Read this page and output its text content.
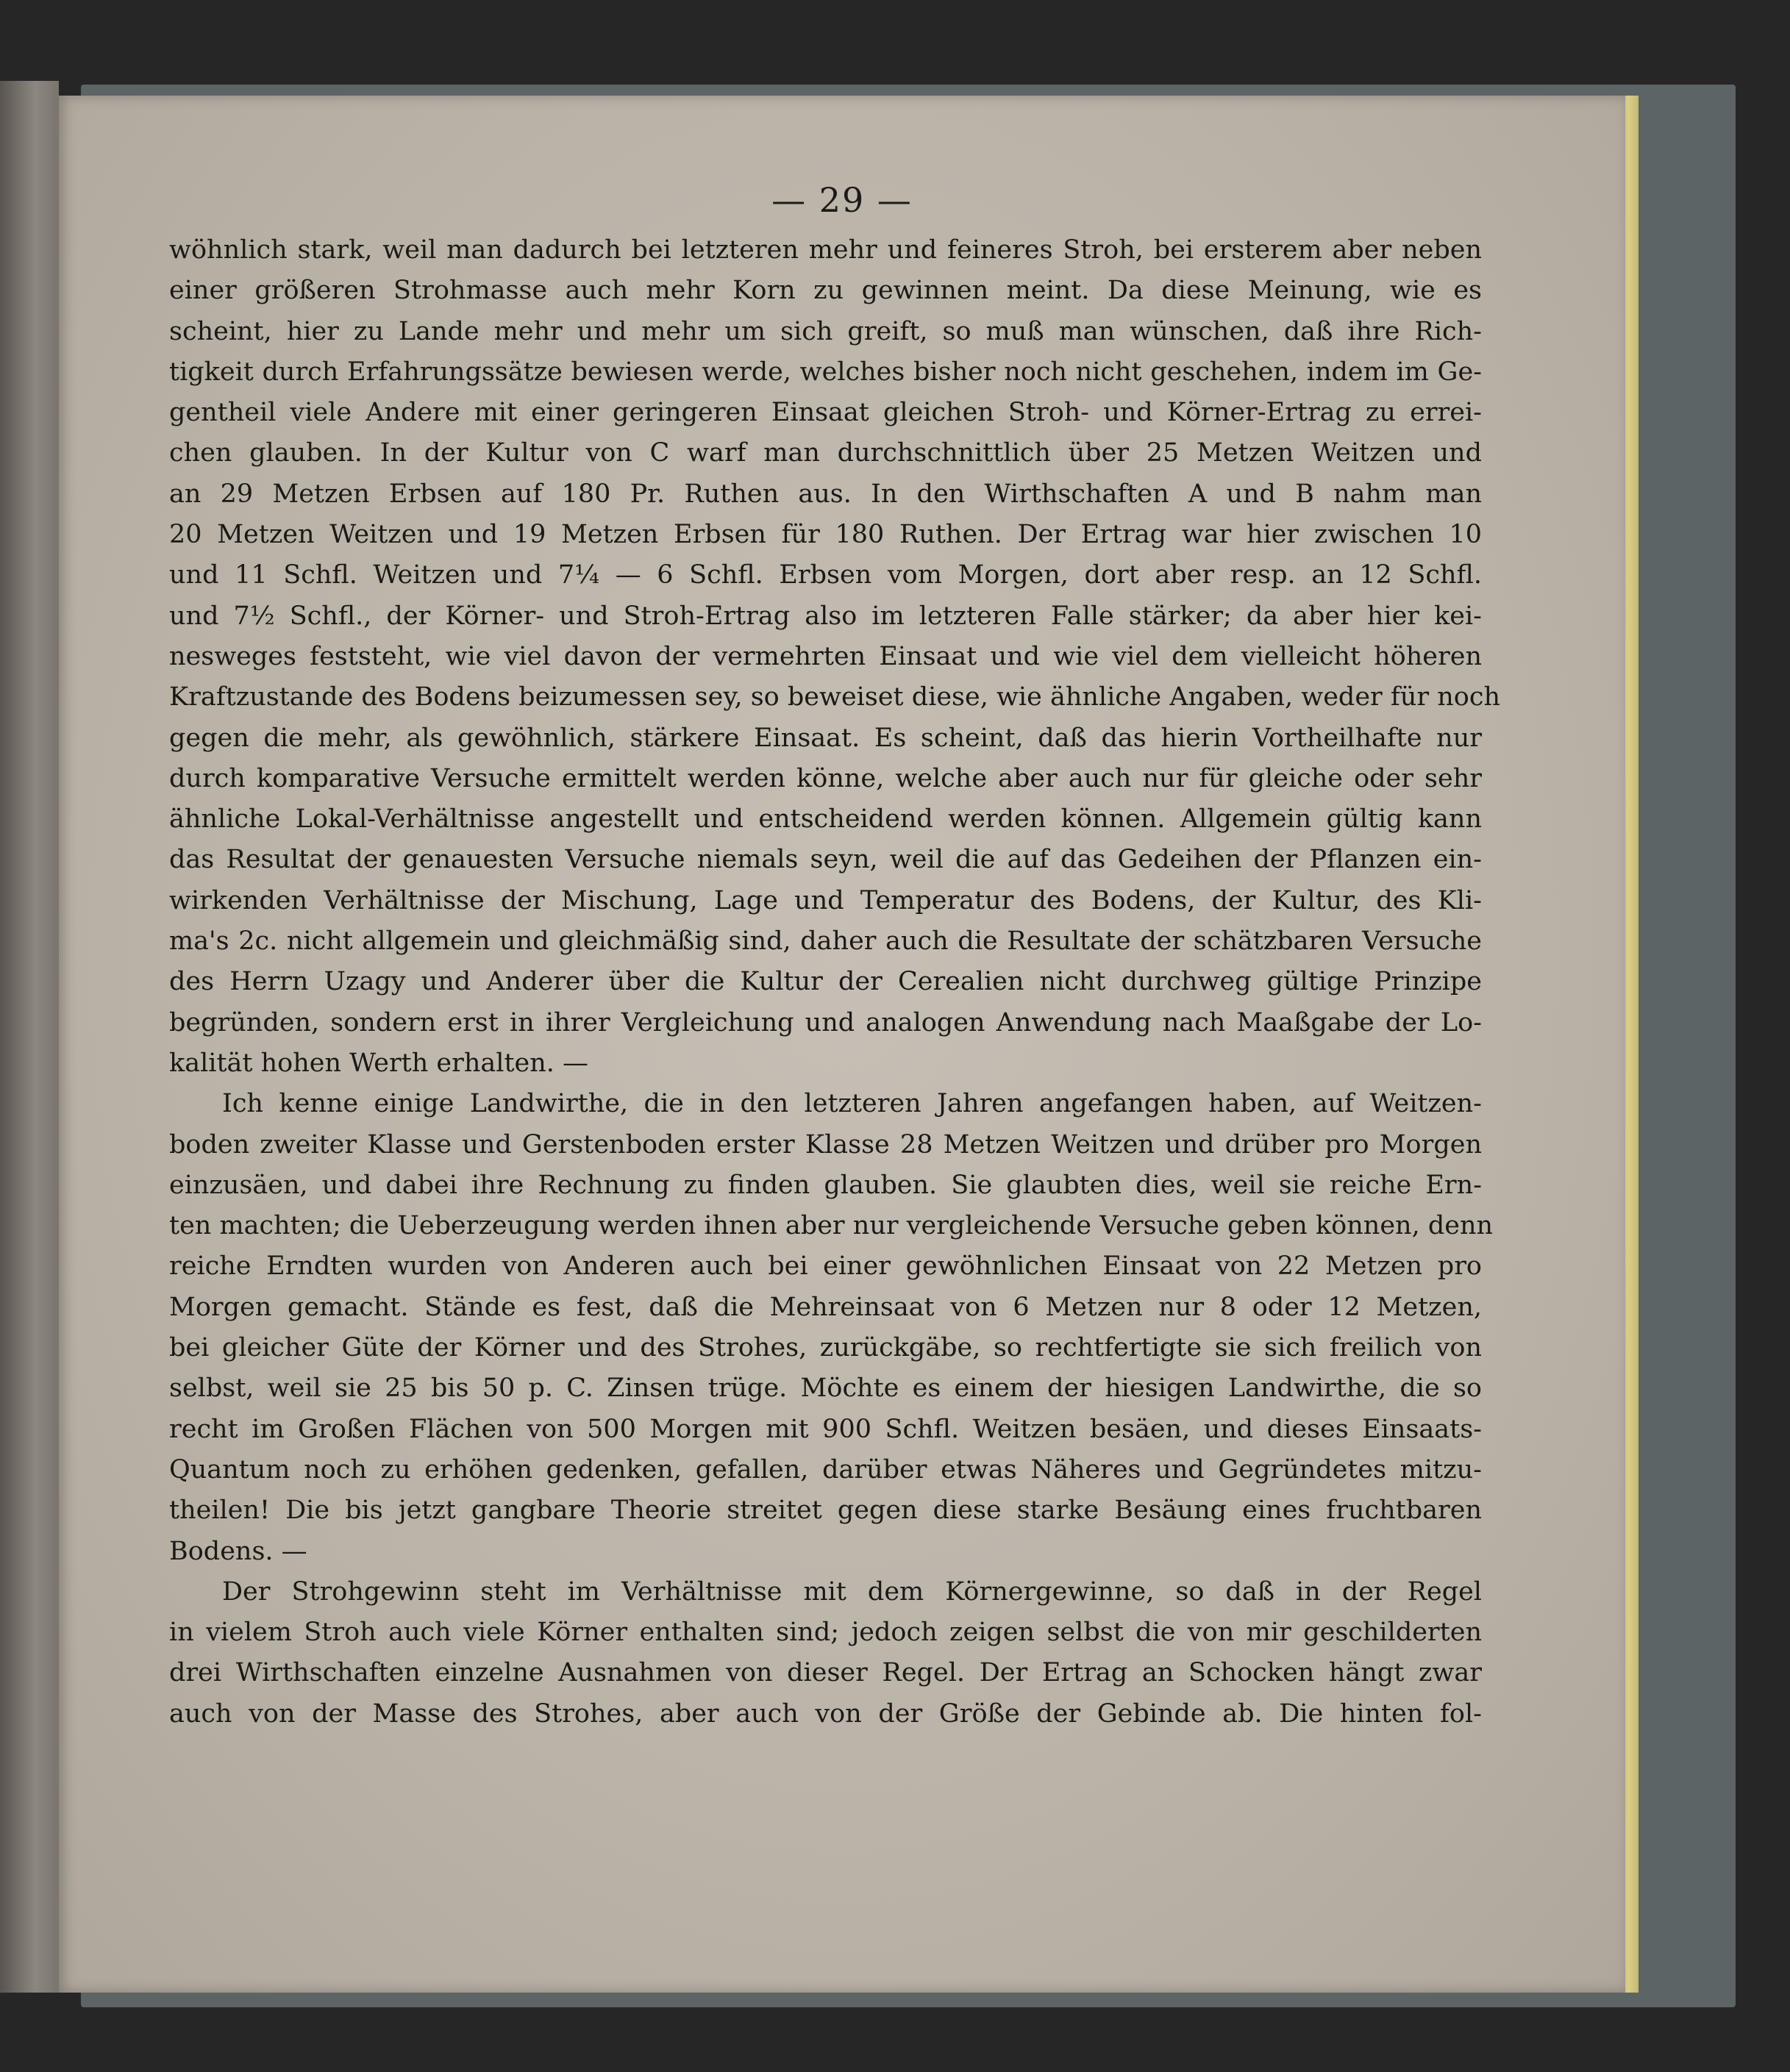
— 29 —
wöhnlich stark, weil man dadurch bei letzteren mehr und feineres Stroh, bei ersterem aber neben
einer größeren Strohmasse auch mehr Korn zu gewinnen meint. Da diese Meinung, wie es
scheint, hier zu Lande mehr und mehr um sich greift, so muß man wünschen, daß ihre Rich-
tigkeit durch Erfahrungssätze bewiesen werde, welches bisher noch nicht geschehen, indem im Ge-
gentheil viele Andere mit einer geringeren Einsaat gleichen Stroh- und Körner-Ertrag zu errei-
chen glauben. In der Kultur von C warf man durchschnittlich über 25 Metzen Weitzen und
an 29 Metzen Erbsen auf 180 Pr. Ruthen aus. In den Wirthschaften A und B nahm man
20 Metzen Weitzen und 19 Metzen Erbsen für 180 Ruthen. Der Ertrag war hier zwischen 10
und 11 Schfl. Weitzen und 7¼ — 6 Schfl. Erbsen vom Morgen, dort aber resp. an 12 Schfl.
und 7½ Schfl., der Körner- und Stroh-Ertrag also im letzteren Falle stärker; da aber hier kei-
nesweges feststeht, wie viel davon der vermehrten Einsaat und wie viel dem vielleicht höheren
Kraftzustande des Bodens beizumessen sey, so beweiset diese, wie ähnliche Angaben, weder für noch
gegen die mehr, als gewöhnlich, stärkere Einsaat. Es scheint, daß das hierin Vortheilhafte nur
durch komparative Versuche ermittelt werden könne, welche aber auch nur für gleiche oder sehr
ähnliche Lokal-Verhältnisse angestellt und entscheidend werden können. Allgemein gültig kann
das Resultat der genauesten Versuche niemals seyn, weil die auf das Gedeihen der Pflanzen ein-
wirkenden Verhältnisse der Mischung, Lage und Temperatur des Bodens, der Kultur, des Kli-
ma's 2c. nicht allgemein und gleichmäßig sind, daher auch die Resultate der schätzbaren Versuche
des Herrn Uzagy und Anderer über die Kultur der Cerealien nicht durchweg gültige Prinzipe
begründen, sondern erst in ihrer Vergleichung und analogen Anwendung nach Maaßgabe der Lo-
kalität hohen Werth erhalten. —
Ich kenne einige Landwirthe, die in den letzteren Jahren angefangen haben, auf Weitzen-
boden zweiter Klasse und Gerstenboden erster Klasse 28 Metzen Weitzen und drüber pro Morgen
einzusäen, und dabei ihre Rechnung zu finden glauben. Sie glaubten dies, weil sie reiche Ern-
ten machten; die Ueberzeugung werden ihnen aber nur vergleichende Versuche geben können, denn
reiche Erndten wurden von Anderen auch bei einer gewöhnlichen Einsaat von 22 Metzen pro
Morgen gemacht. Stände es fest, daß die Mehreinsaat von 6 Metzen nur 8 oder 12 Metzen,
bei gleicher Güte der Körner und des Strohes, zurückgäbe, so rechtfertigte sie sich freilich von
selbst, weil sie 25 bis 50 p. C. Zinsen trüge. Möchte es einem der hiesigen Landwirthe, die so
recht im Großen Flächen von 500 Morgen mit 900 Schfl. Weitzen besäen, und dieses Einsaats-
Quantum noch zu erhöhen gedenken, gefallen, darüber etwas Näheres und Gegründetes mitzu-
theilen! Die bis jetzt gangbare Theorie streitet gegen diese starke Besäung eines fruchtbaren
Bodens. —
Der Strohgewinn steht im Verhältnisse mit dem Körnergewinne, so daß in der Regel
in vielem Stroh auch viele Körner enthalten sind; jedoch zeigen selbst die von mir geschilderten
drei Wirthschaften einzelne Ausnahmen von dieser Regel. Der Ertrag an Schocken hängt zwar
auch von der Masse des Strohes, aber auch von der Größe der Gebinde ab. Die hinten fol-
